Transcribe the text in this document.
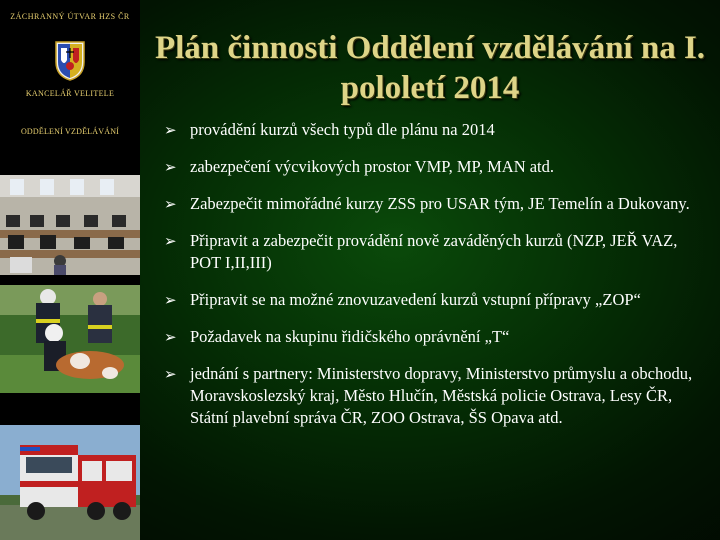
ZÁCHRANNÝ ÚTVAR HZS ČR
KANCELÁŘ VELITELE
ODDĚLENÍ VZDĚLÁVÁNÍ
Plán činnosti Oddělení vzdělávání na I. pololetí 2014
➢ provádění kurzů všech typů dle plánu na 2014
➢ zabezpečení výcvikových prostor VMP, MP, MAN atd.
➢ Zabezpečit mimořádné kurzy ZSS pro USAR tým, JE Temelín a Dukovany.
➢ Připravit a zabezpečit provádění nově zaváděných kurzů (NZP, JEŘ VAZ, POT I,II,III)
➢ Připravit se na možné znovuzavedení kurzů vstupní přípravy „ZOP“
➢ Požadavek na skupinu řidičského oprávnění „T“
➢ jednání s partnery: Ministerstvo dopravy, Ministerstvo průmyslu a obchodu, Moravskoslezský kraj, Město Hlučín, Městská policie Ostrava, Lesy ČR, Státní plavební správa ČR, ZOO Ostrava, ŠS Opava atd.
